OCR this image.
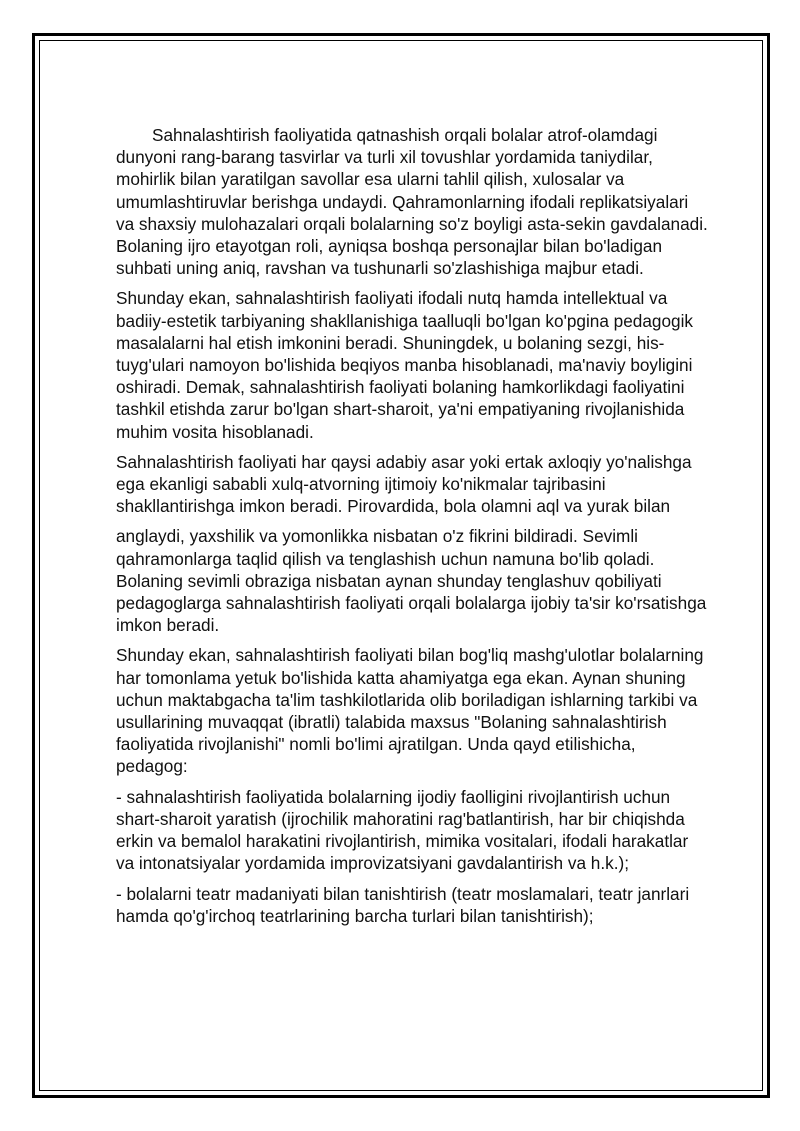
Sahnalashtirish faoliyatida qatnashish orqali bolalar atrof-olamdagi dunyoni rang-barang tasvirlar va turli xil tovushlar yordamida taniydilar, mohirlik bilan yaratilgan savollar esa ularni tahlil qilish, xulosalar va umumlashtiruvlar berishga undaydi. Qahramonlarning ifodali replikatsiyalari va shaxsiy mulohazalari orqali bolalarning so'z boyligi asta-sekin gavdalanadi. Bolaning ijro etayotgan roli, ayniqsa boshqa personajlar bilan bo'ladigan suhbati uning aniq, ravshan va tushunarli so'zlashishiga majbur etadi.

Shunday ekan, sahnalashtirish faoliyati ifodali nutq hamda intellektual va badiiy-estetik tarbiyaning shakllanishiga taalluqli bo'lgan ko'pgina pedagogik masalalarni hal etish imkonini beradi. Shuningdek, u bolaning sezgi, his-tuyg'ulari namoyon bo'lishida beqiyos manba hisoblanadi, ma'naviy boyligini oshiradi. Demak, sahnalashtirish faoliyati bolaning hamkorlikdagi faoliyatini tashkil etishda zarur bo'lgan shart-sharoit, ya'ni empatiyaning rivojlanishida muhim vosita hisoblanadi.

Sahnalashtirish faoliyati har qaysi adabiy asar yoki ertak axloqiy yo'nalishga ega ekanligi sababli xulq-atvorning ijtimoiy ko'nikmalar tajribasini shakllantirishga imkon beradi. Pirovardida, bola olamni aql va yurak bilan

anglaydi, yaxshilik va yomonlikka nisbatan o'z fikrini bildiradi. Sevimli qahramonlarga taqlid qilish va tenglashish uchun namuna bo'lib qoladi. Bolaning sevimli obraziga nisbatan aynan shunday tenglashuv qobiliyati pedagoglarga sahnalashtirish faoliyati orqali bolalarga ijobiy ta'sir ko'rsatishga imkon beradi.

Shunday ekan, sahnalashtirish faoliyati bilan bog'liq mashg'ulotlar bolalarning har tomonlama yetuk bo'lishida katta ahamiyatga ega ekan. Aynan shuning uchun maktabgacha ta'lim tashkilotlarida olib boriladigan ishlarning tarkibi va usullarining muvaqqat (ibratli) talabida maxsus "Bolaning sahnalashtirish faoliyatida rivojlanishi" nomli bo'limi ajratilgan. Unda qayd etilishicha, pedagog:

- sahnalashtirish faoliyatida bolalarning ijodiy faolligini rivojlantirish uchun shart-sharoit yaratish (ijrochilik mahoratini rag'batlantirish, har bir chiqishda erkin va bemalol harakatini rivojlantirish, mimika vositalari, ifodali harakatlar va intonatsiyalar yordamida improvizatsiyani gavdalantirish va h.k.);

- bolalarni teatr madaniyati bilan tanishtirish (teatr moslamalari, teatr janrlari hamda qo'g'irchoq teatrlarining barcha turlari bilan tanishtirish);
